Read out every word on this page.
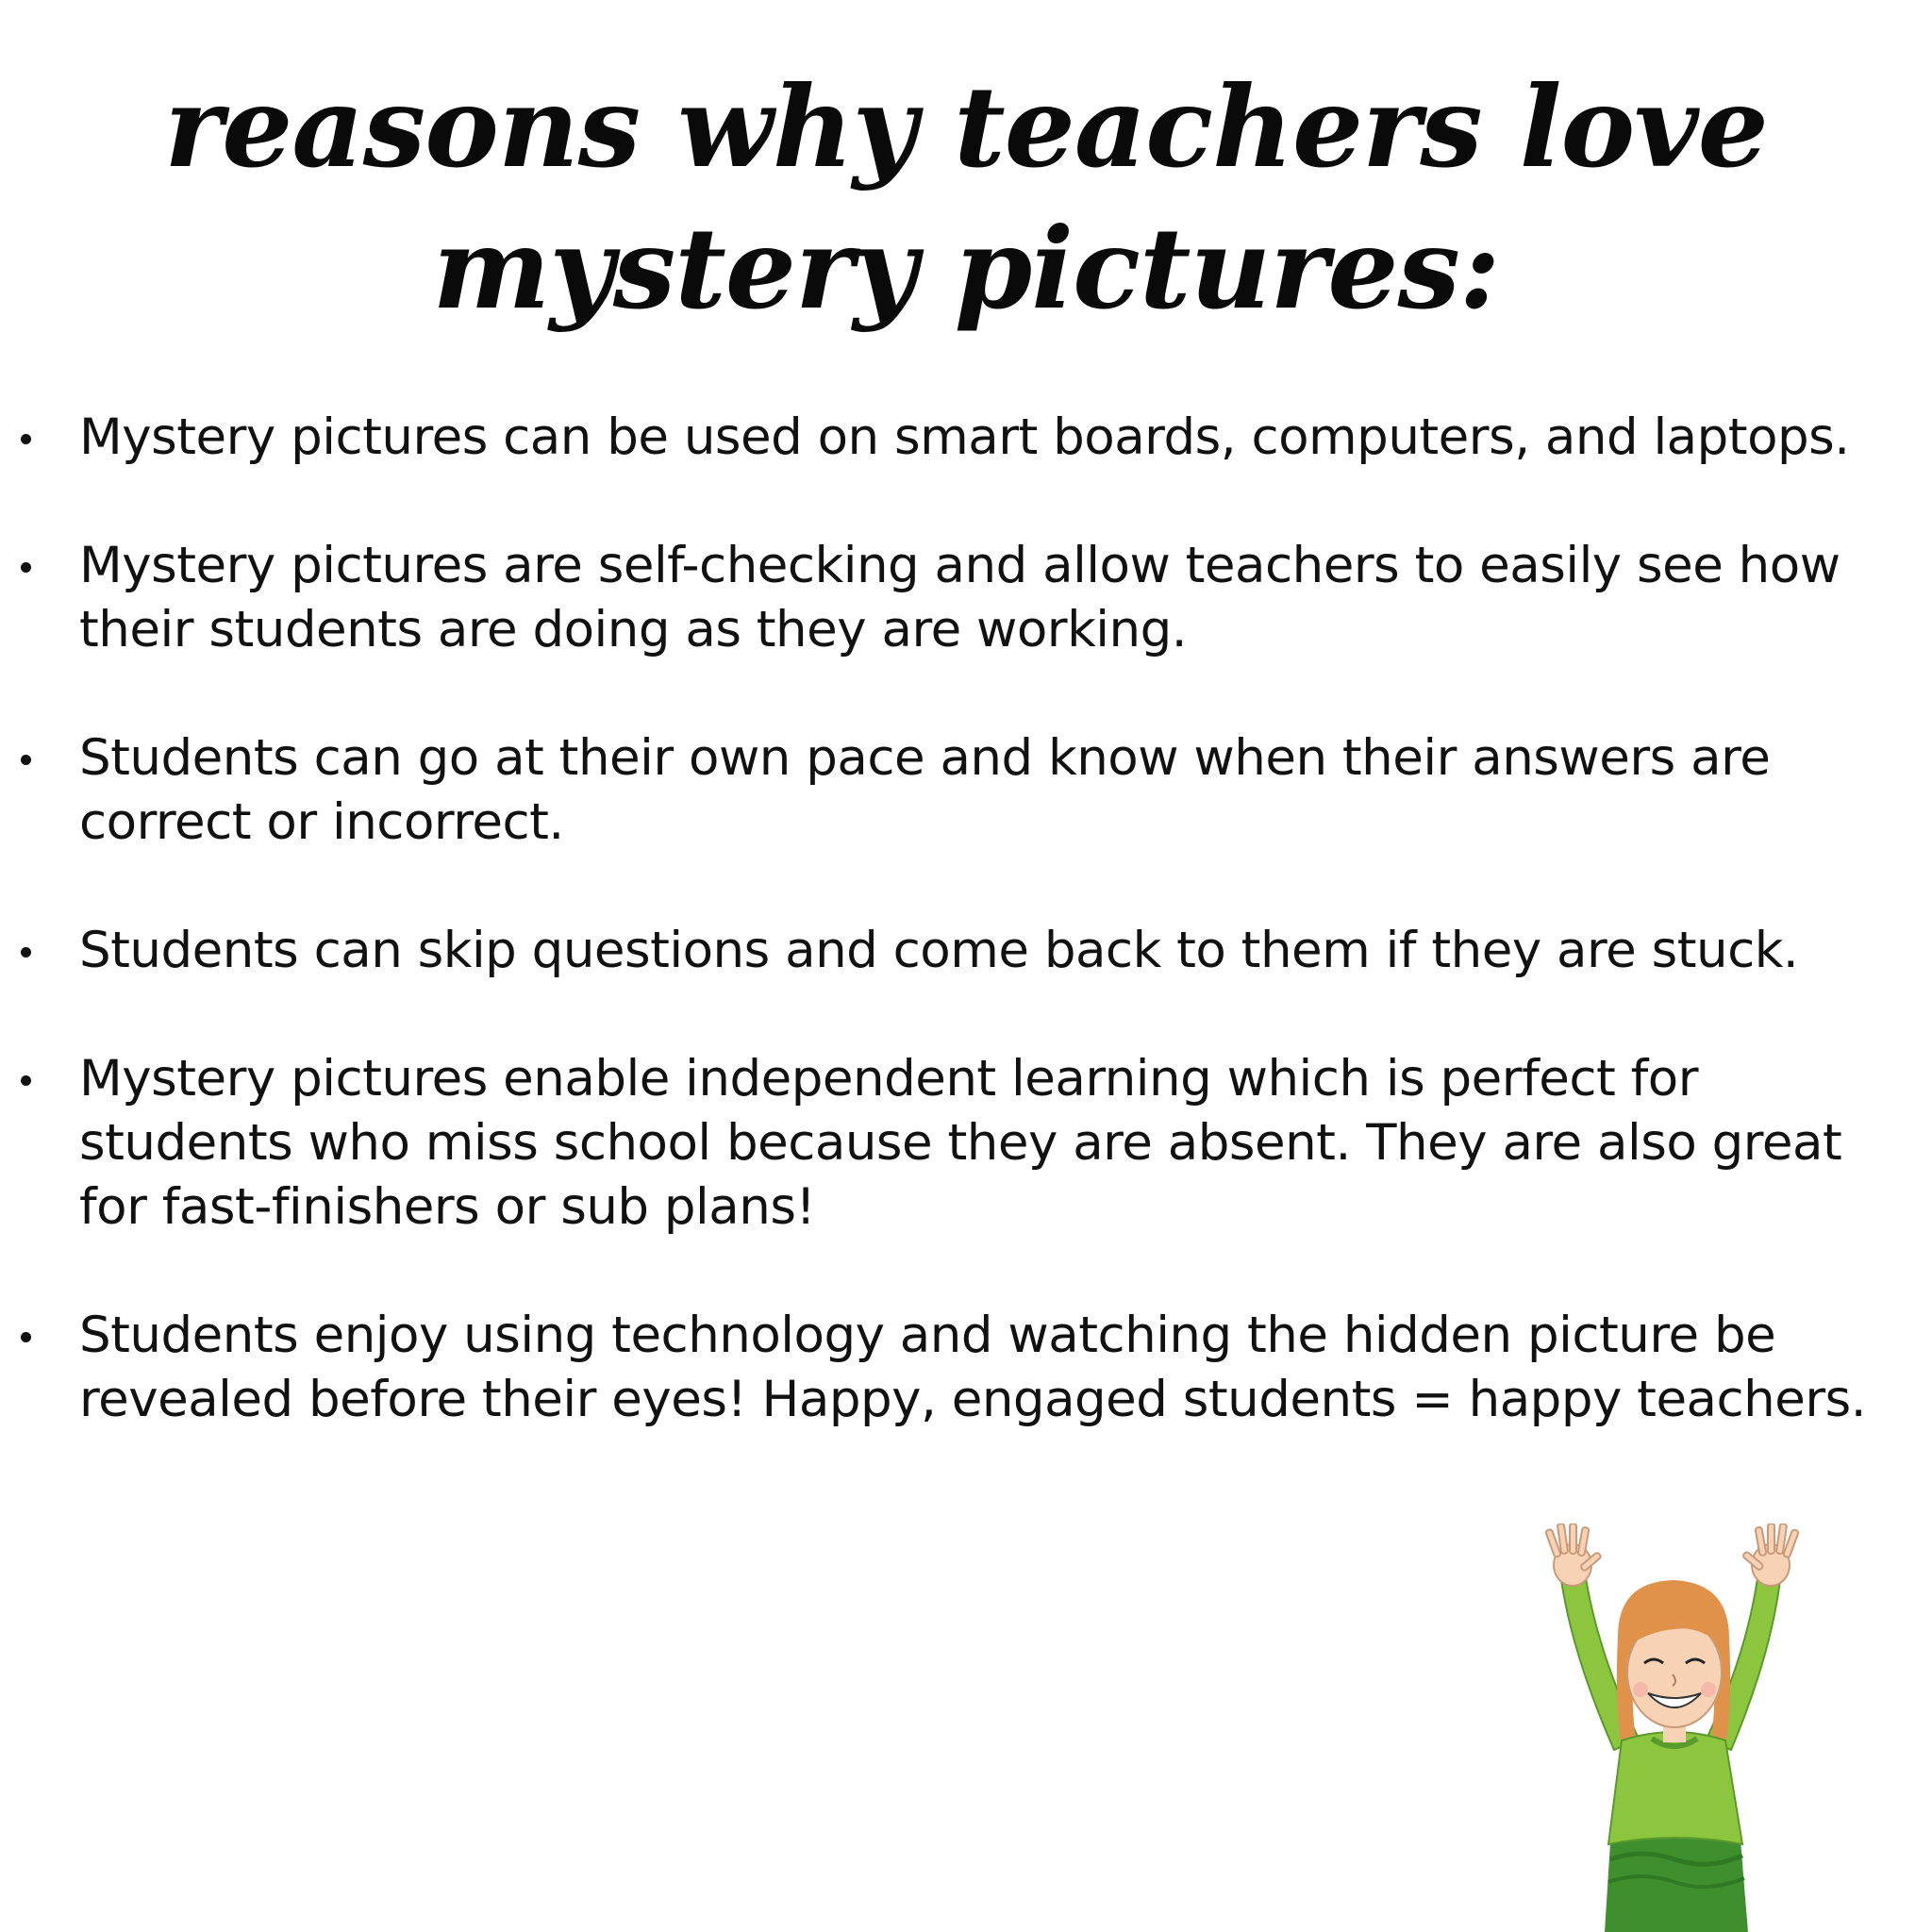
reasons why teachers love
mystery pictures:
Mystery pictures can be used on smart boards, computers, and laptops.
Mystery pictures are self-checking and allow teachers to easily see how their students are doing as they are working.
Students can go at their own pace and know when their answers are correct or incorrect.
Students can skip questions and come back to them if they are stuck.
Mystery pictures enable independent learning which is perfect for students who miss school because they are absent. They are also great for fast-finishers or sub plans!
Students enjoy using technology and watching the hidden picture be revealed before their eyes! Happy, engaged students = happy teachers.
